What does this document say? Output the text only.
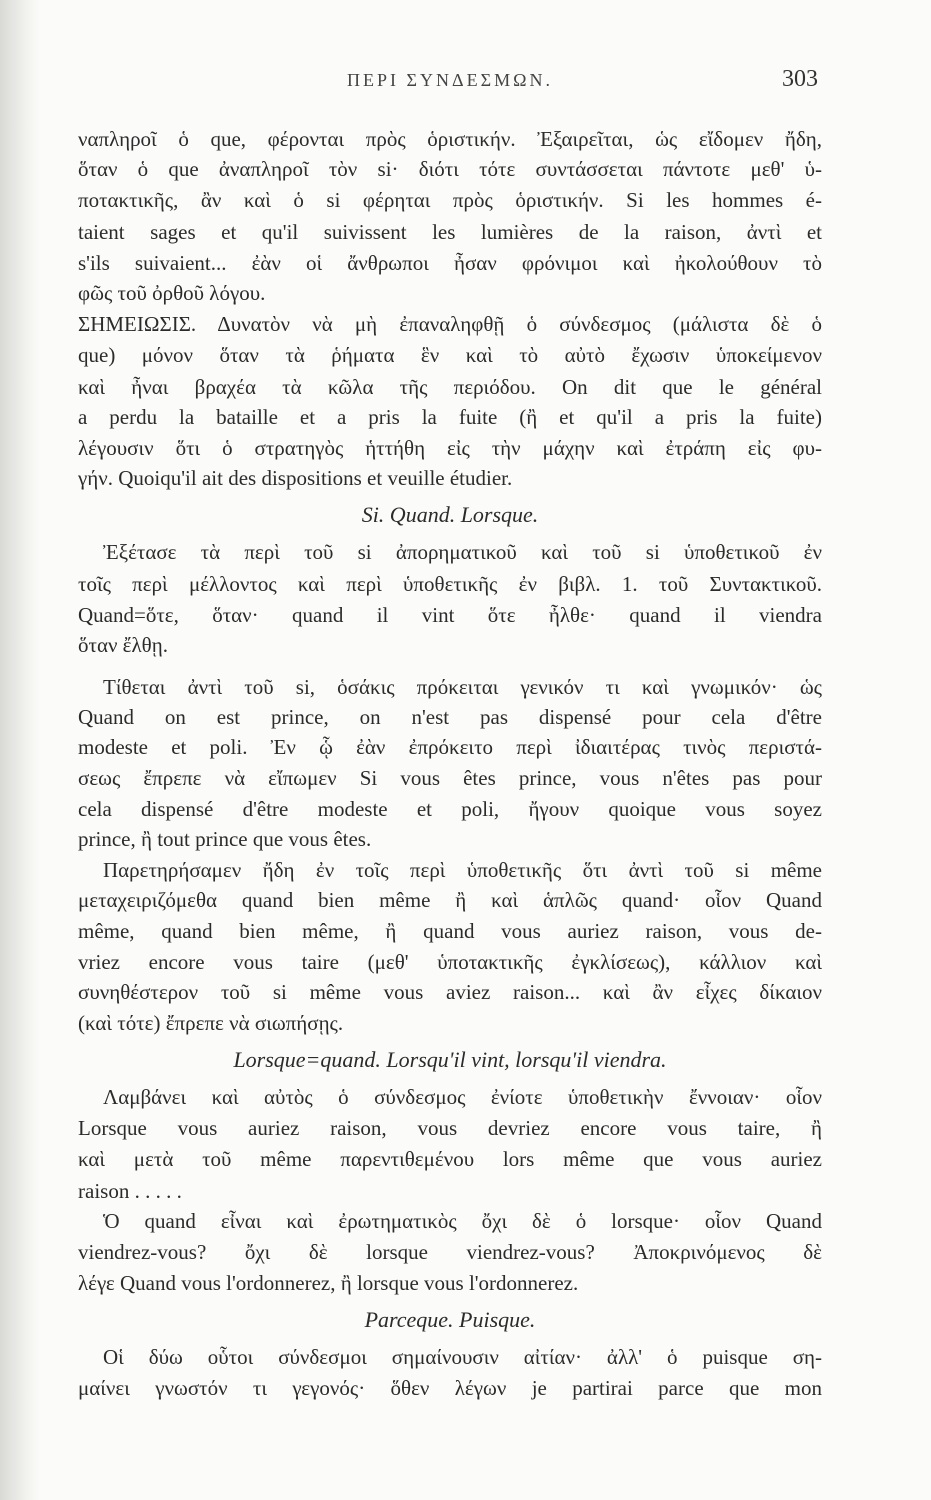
ΠΕΡΙ ΣΥΝΔΕΣΜΩΝ.	303
ναπληροῖ ὁ que, φέρονται πρὸς ὁριστικήν. Ἐξαιρεῖται, ὡς εἴδομεν ἤδη,
ὅταν ὁ que ἀναπληροῖ τὸν si· διότι τότε συντάσσεται πάντοτε μεθ' ὑ-
ποτακτικῆς, ἂν καὶ ὁ si φέρηται πρὸς ὁριστικήν. Si les hommes é-
taient sages et qu'il suivissent les lumières de la raison, ἀντὶ et
s'ils suivaient... ἐὰν οἱ ἄνθρωποι ἦσαν φρόνιμοι καὶ ἠκολούθουν τὸ
φῶς τοῦ ὀρθοῦ λόγου.
ΣΗΜΕΙΩΣΙΣ. Δυνατὸν νὰ μὴ ἐπαναληφθῇ ὁ σύνδεσμος (μάλιστα δὲ ὁ
que) μόνον ὅταν τὰ ῥήματα ἓν καὶ τὸ αὐτὸ ἔχωσιν ὑποκείμενον
καὶ ἦναι βραχέα τὰ κῶλα τῆς περιόδου. On dit que le général
a perdu la bataille et a pris la fuite (ἢ et qu'il a pris la fuite)
λέγουσιν ὅτι ὁ στρατηγὸς ἡττήθη εἰς τὴν μάχην καὶ ἐτράπη εἰς φυ-
γήν. Quoiqu'il ait des dispositions et veuille étudier.
Si. Quand. Lorsque.
Ἐξέτασε τὰ περὶ τοῦ si ἀπορηματικοῦ καὶ τοῦ si ὑποθετικοῦ ἐν
τοῖς περὶ μέλλοντος καὶ περὶ ὑποθετικῆς ἐν βιβλ. 1. τοῦ Συντακτικοῦ.
Quand=ὅτε, ὅταν· quand il vint ὅτε ἦλθε· quand il viendra
ὅταν ἔλθῃ.
Τίθεται ἀντὶ τοῦ si, ὁσάκις πρόκειται γενικόν τι καὶ γνωμικόν· ὡς
Quand on est prince, on n'est pas dispensé pour cela d'être
modeste et poli. Ἐν ᾧ ἐὰν ἐπρόκειτο περὶ ἰδιαιτέρας τινὸς περιστά-
σεως ἔπρεπε νὰ εἴπωμεν Si vous êtes prince, vous n'êtes pas pour
cela dispensé d'être modeste et poli, ἤγουν quoique vous soyez
prince, ἢ tout prince que vous êtes.
Παρετηρήσαμεν ἤδη ἐν τοῖς περὶ ὑποθετικῆς ὅτι ἀντὶ τοῦ si même
μεταχειριζόμεθα quand bien même ἢ καὶ ἁπλῶς quand· οἷον Quand
même, quand bien même, ἢ quand vous auriez raison, vous de-
vriez encore vous taire (μεθ' ὑποτακτικῆς ἐγκλίσεως), κάλλιον καὶ
συνηθέστερον τοῦ si même vous aviez raison... καὶ ἂν εἶχες δίκαιον
(καὶ τότε) ἔπρεπε νὰ σιωπήσῃς.
Lorsque=quand. Lorsqu'il vint, lorsqu'il viendra.
Λαμβάνει καὶ αὐτὸς ὁ σύνδεσμος ἐνίοτε ὑποθετικὴν ἔννοιαν· οἷον
Lorsque vous auriez raison, vous devriez encore vous taire, ἢ
καὶ μετὰ τοῦ même παρεντιθεμένου lors même que vous auriez
raison . . . . .
Ὁ quand εἶναι καὶ ἐρωτηματικὸς ὄχι δὲ ὁ lorsque· οἷον Quand
viendrez-vous? ὄχι δὲ lorsque viendrez-vous? Ἀποκρινόμενος δὲ
λέγε Quand vous l'ordonnerez, ἢ lorsque vous l'ordonnerez.
Parceque. Puisque.
Οἱ δύω οὗτοι σύνδεσμοι σημαίνουσιν αἰτίαν· ἀλλ' ὁ puisque ση-
μαίνει γνωστόν τι γεγονός· ὅθεν λέγων je partirai parce que mon
